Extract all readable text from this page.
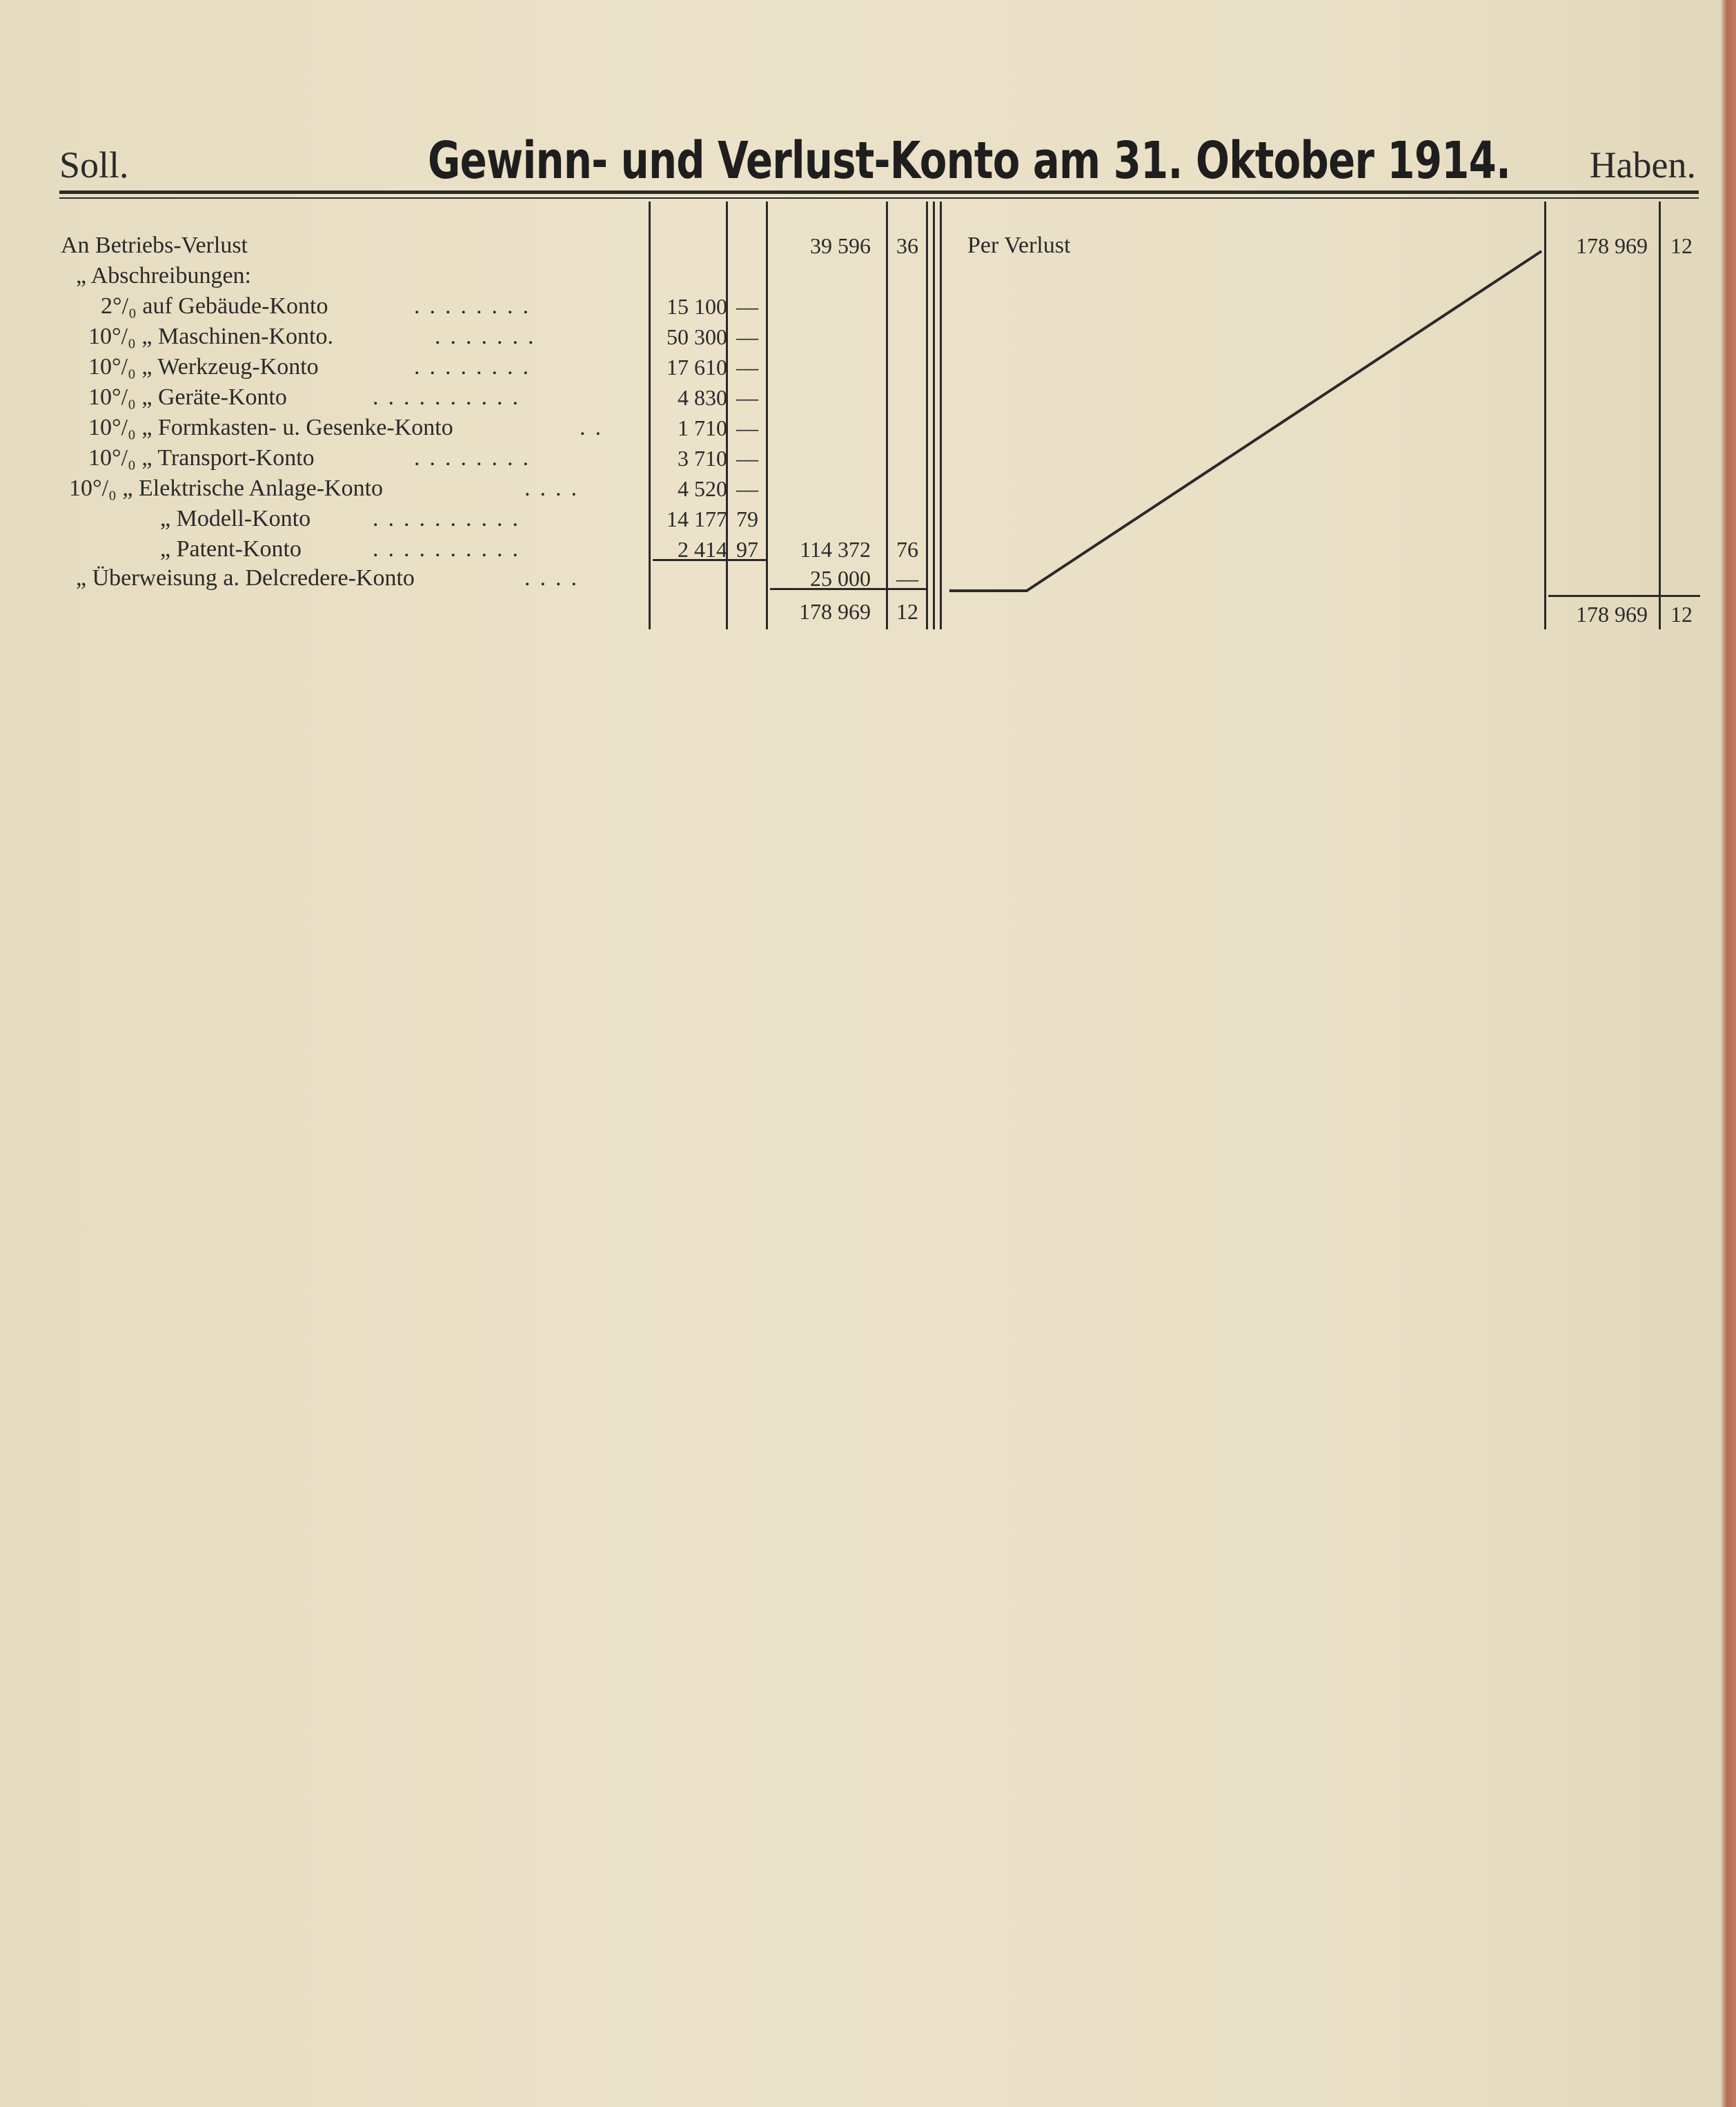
Soll.	Gewinn- und Verlust-Konto am 31. Oktober 1914. Haben.
An Betriebs-Verlust	39 596	36
„ Abschreibungen:
2°/₀ auf Gebäude-Konto	........	15 100 —
10°/₀ „ Maschinen-Konto.	.......	50 300 —
10°/₀ „ Werkzeug-Konto	........	17 610 —
10°/₀ „ Geräte-Konto	..........	4 830 —
10°/₀ „ Formkasten- u. Gesenke-Konto	..	1 710 —
10°/₀ „ Transport-Konto	........	3 710 —
10°/₀ „ Elektrische Anlage-Konto	....	4 520 —
„ Modell-Konto	..........	14 177 79
„ Patent-Konto	..........	2 414 97	114 372	76
„ Überweisung a. Delcredere-Konto	....	25 000	—
178 969	12
Per Verlust	178 969	12
178 969	12
